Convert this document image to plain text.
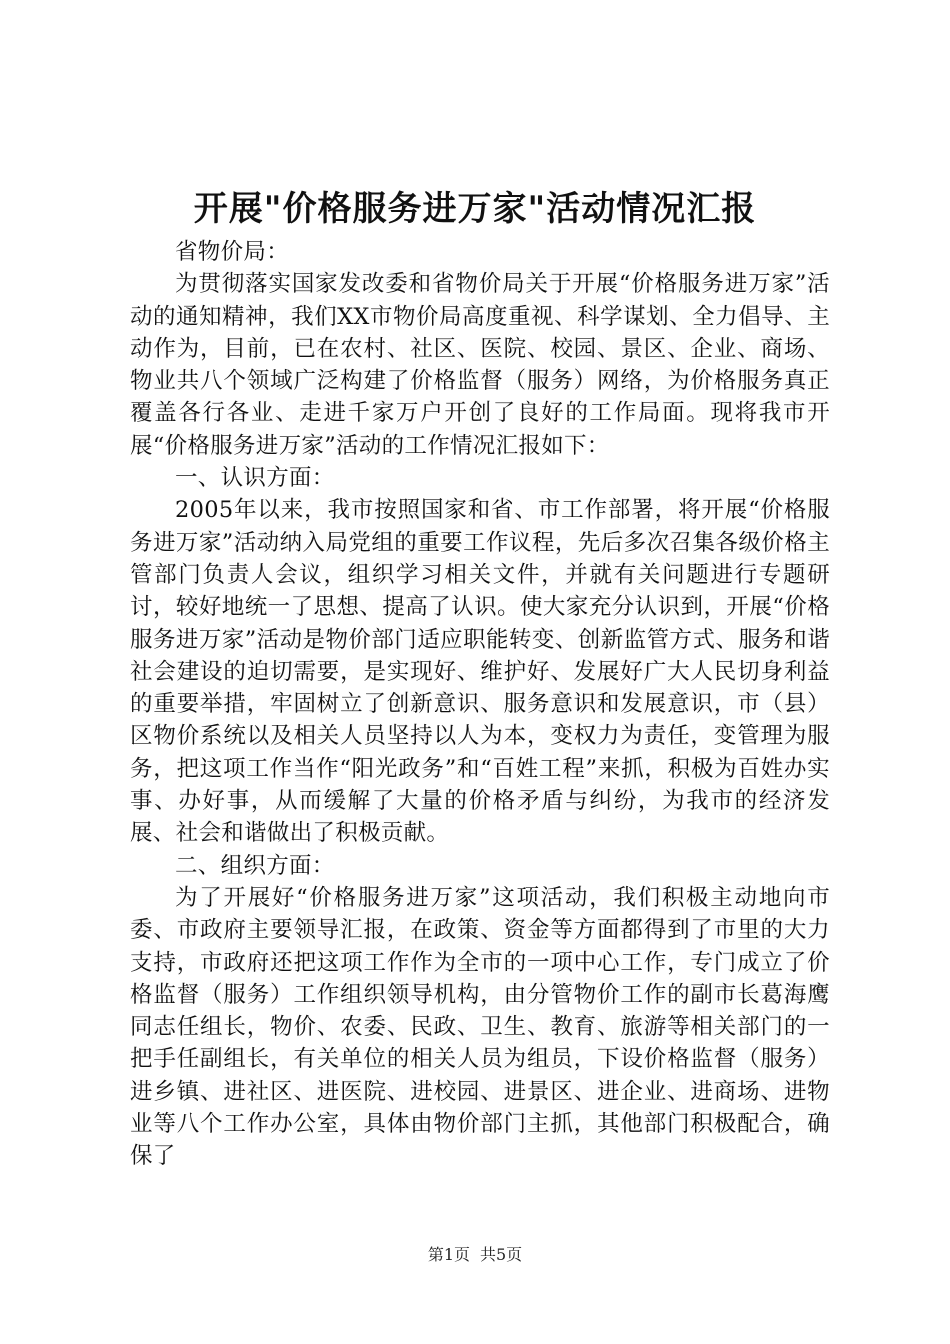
开展"价格服务进万家"活动情况汇报

省物价局：

为贯彻落实国家发改委和省物价局关于开展“价格服务进万家”活动的通知精神，我们XX市物价局高度重视、科学谋划、全力倡导、主动作为，目前，已在农村、社区、医院、校园、景区、企业、商场、物业共八个领域广泛构建了价格监督（服务）网络，为价格服务真正覆盖各行各业、走进千家万户开创了良好的工作局面。现将我市开展“价格服务进万家”活动的工作情况汇报如下：

一、认识方面：

2005年以来，我市按照国家和省、市工作部署，将开展“价格服务进万家”活动纳入局党组的重要工作议程，先后多次召集各级价格主管部门负责人会议，组织学习相关文件，并就有关问题进行专题研讨，较好地统一了思想、提高了认识。使大家充分认识到，开展“价格服务进万家”活动是物价部门适应职能转变、创新监管方式、服务和谐社会建设的迫切需要，是实现好、维护好、发展好广大人民切身利益的重要举措，牢固树立了创新意识、服务意识和发展意识，市（县）区物价系统以及相关人员坚持以人为本，变权力为责任，变管理为服务，把这项工作当作“阳光政务”和“百姓工程”来抓，积极为百姓办实事、办好事，从而缓解了大量的价格矛盾与纠纷，为我市的经济发展、社会和谐做出了积极贡献。

二、组织方面：

为了开展好“价格服务进万家”这项活动，我们积极主动地向市委、市政府主要领导汇报，在政策、资金等方面都得到了市里的大力支持，市政府还把这项工作作为全市的一项中心工作，专门成立了价格监督（服务）工作组织领导机构，由分管物价工作的副市长葛海鹰同志任组长，物价、农委、民政、卫生、教育、旅游等相关部门的一把手任副组长，有关单位的相关人员为组员，下设价格监督（服务）进乡镇、进社区、进医院、进校园、进景区、进企业、进商场、进物业等八个工作办公室，具体由物价部门主抓，其他部门积极配合，确保了

第1页 共5页
